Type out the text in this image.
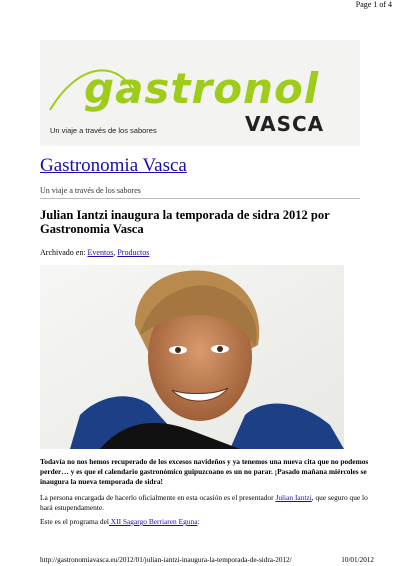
Page 1 of 4
gastronol
VASCA
Un viaje a través de los sabores
Gastronomia Vasca
Un viaje a través de los sabores
Julian Iantzi inaugura la temporada de sidra 2012 por Gastronomia Vasca
Archivado en: Eventos, Productos
Todavía no nos hemos recuperado de los excesos navideños y ya tenemos una nueva cita que no podemos perder… y es que el calendario gastronómico guipuzcoano es un no parar. ¡Pasado mañana miércoles se inaugura la nueva temporada de sidra!
La persona encargada de hacerlo oficialmente en esta ocasión es el presentador Julian Iantzi, que seguro que lo hará estupendamente.
Este es el programa del XII Sagargo Berriaren Eguna:
http://gastronomiavasca.eu/2012/01/julian-iantzi-inaugura-la-temporada-de-sidra-2012/	10/01/2012
